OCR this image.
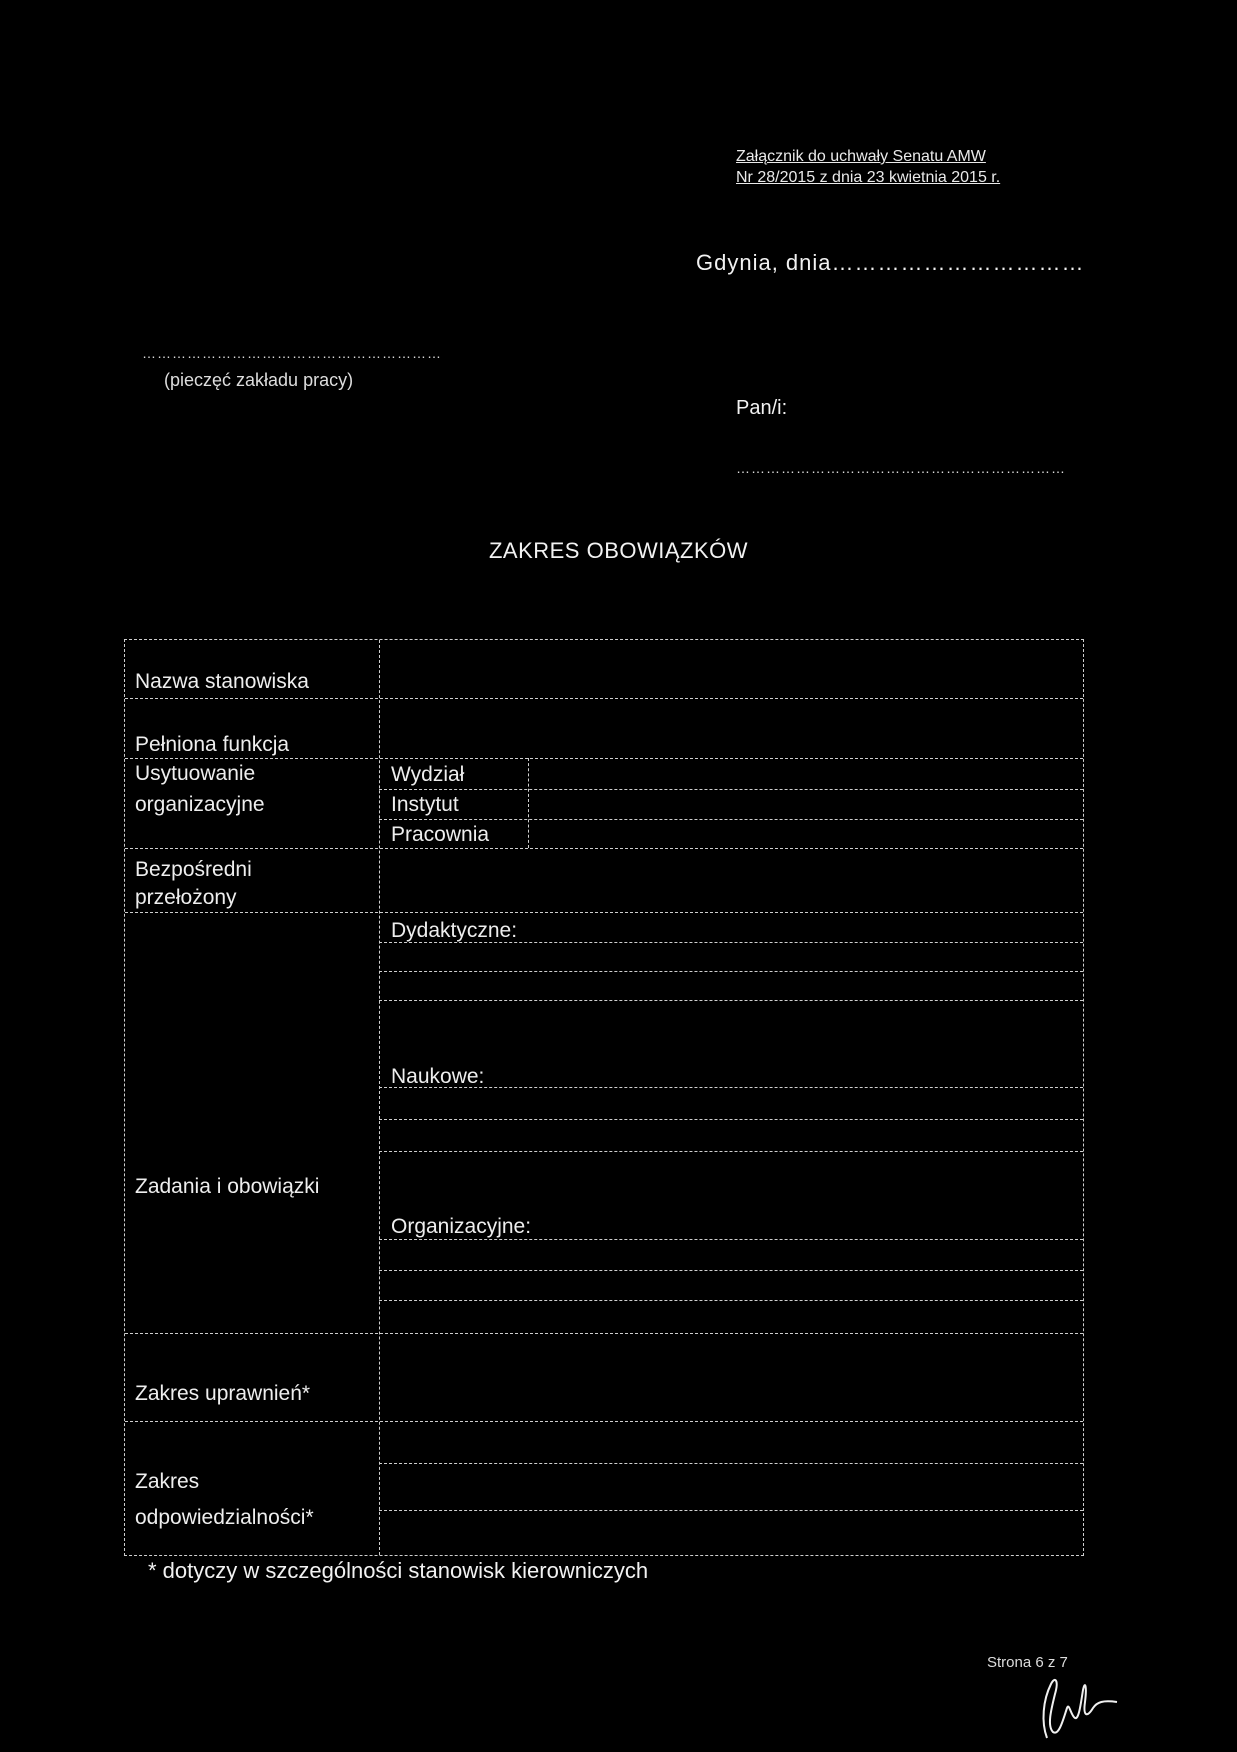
Załącznik do uchwały Senatu AMW
Nr 28/2015 z dnia 23 kwietnia 2015 r.
Gdynia, dnia……………………………
……………………………………………………
(pieczęć zakładu pracy)
Pan/i:
…………………………………………………………
ZAKRES OBOWIĄZKÓW
Nazwa stanowiska
Pełniona funkcja
Usytuowanie
organizacyjne
Wydział
Instytut
Pracownia
Bezpośredni
przełożony
Dydaktyczne:
Naukowe:
Zadania i obowiązki
Organizacyjne:
Zakres uprawnień*
Zakres
odpowiedzialności*
* dotyczy w szczególności stanowisk kierowniczych
Strona 6 z 7
